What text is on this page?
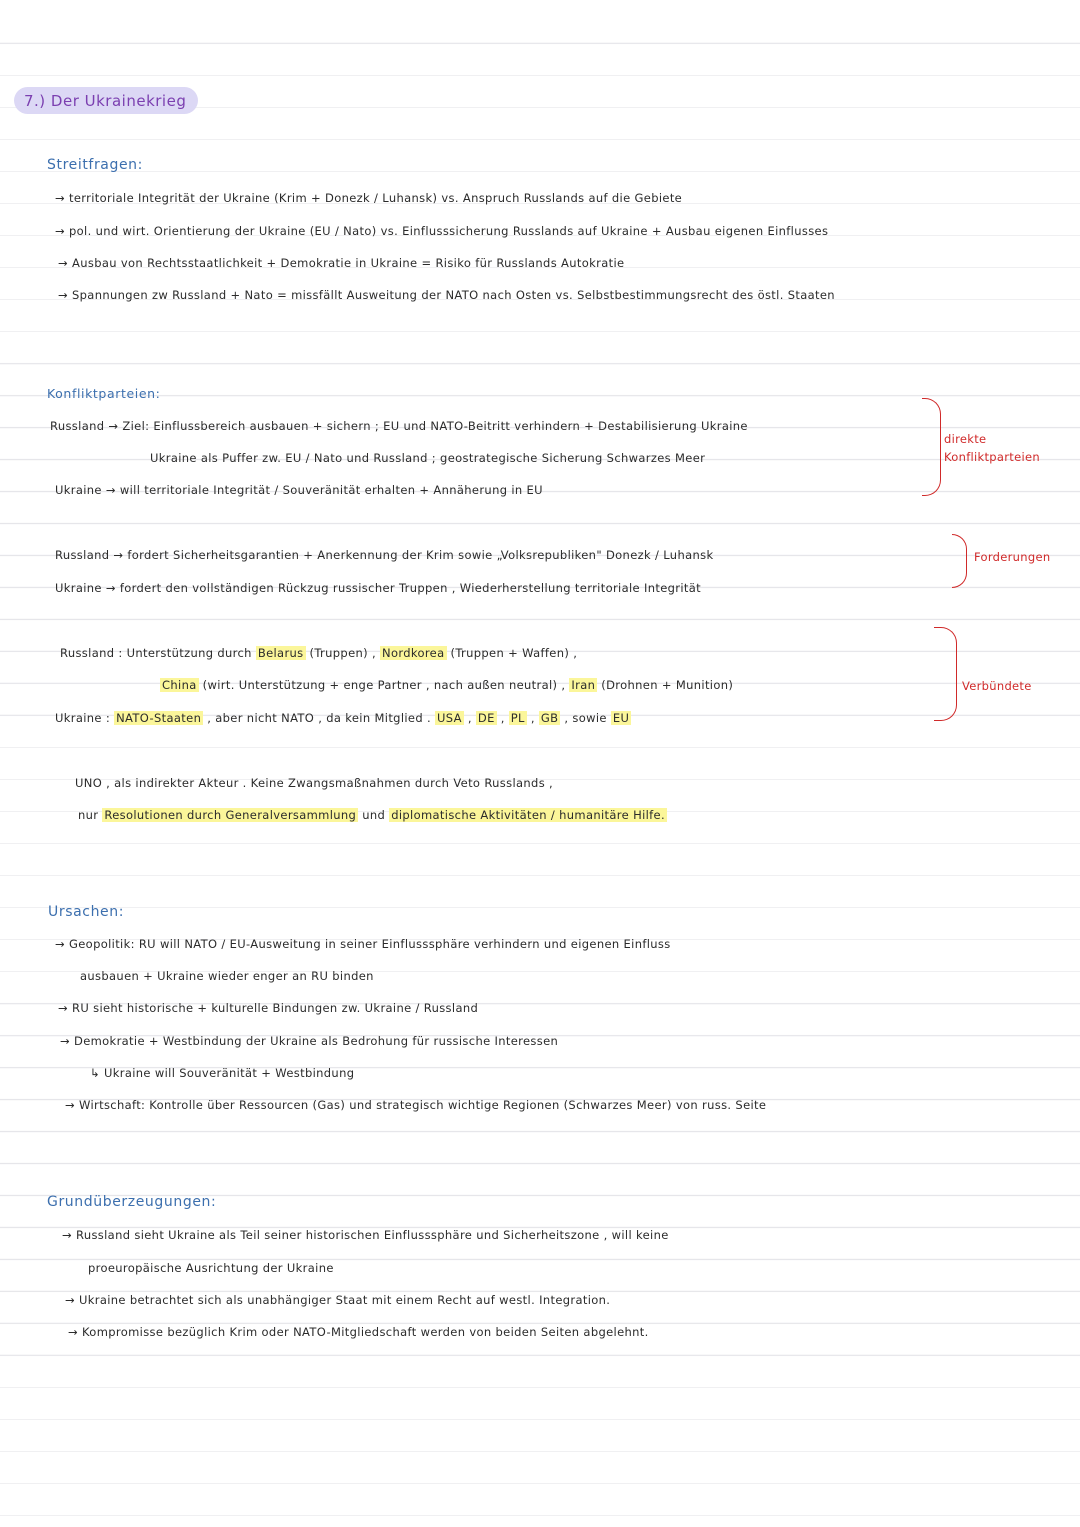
7.) Der Ukrainekrieg
Streitfragen:
→ territoriale Integrität der Ukraine (Krim + Donezk / Luhansk) vs. Anspruch Russlands auf die Gebiete
→ pol. und wirt. Orientierung der Ukraine (EU / Nato) vs. Einflusssicherung Russlands auf Ukraine + Ausbau eigenen Einflusses
→ Ausbau von Rechtsstaatlichkeit + Demokratie in Ukraine = Risiko für Russlands Autokratie
→ Spannungen zw Russland + Nato = missfällt Ausweitung der NATO nach Osten vs. Selbstbestimmungsrecht des östl. Staaten
Konfliktparteien:
Russland → Ziel: Einflussbereich ausbauen + sichern ; EU und NATO-Beitritt verhindern + Destabilisierung Ukraine
Ukraine als Puffer zw. EU / Nato und Russland ; geostrategische Sicherung Schwarzes Meer
Ukraine → will territoriale Integrität / Souveränität erhalten + Annäherung in EU
direkte
Konfliktparteien
Russland → fordert Sicherheitsgarantien + Anerkennung der Krim sowie „Volksrepubliken" Donezk / Luhansk
Ukraine → fordert den vollständigen Rückzug russischer Truppen , Wiederherstellung territoriale Integrität
Forderungen
Russland : Unterstützung durch Belarus (Truppen) , Nordkorea (Truppen + Waffen) ,
China (wirt. Unterstützung + enge Partner , nach außen neutral) , Iran (Drohnen + Munition)
Ukraine : NATO-Staaten , aber nicht NATO , da kein Mitglied . USA , DE , PL , GB , sowie EU
Verbündete
UNO , als indirekter Akteur . Keine Zwangsmaßnahmen durch Veto Russlands ,
nur Resolutionen durch Generalversammlung und diplomatische Aktivitäten / humanitäre Hilfe.
Ursachen:
→ Geopolitik: RU will NATO / EU-Ausweitung in seiner Einflusssphäre verhindern und eigenen Einfluss
ausbauen + Ukraine wieder enger an RU binden
→ RU sieht historische + kulturelle Bindungen zw. Ukraine / Russland
→ Demokratie + Westbindung der Ukraine als Bedrohung für russische Interessen
↳ Ukraine will Souveränität + Westbindung
→ Wirtschaft: Kontrolle über Ressourcen (Gas) und strategisch wichtige Regionen (Schwarzes Meer) von russ. Seite
Grundüberzeugungen:
→ Russland sieht Ukraine als Teil seiner historischen Einflusssphäre und Sicherheitszone , will keine
proeuropäische Ausrichtung der Ukraine
→ Ukraine betrachtet sich als unabhängiger Staat mit einem Recht auf westl. Integration.
→ Kompromisse bezüglich Krim oder NATO-Mitgliedschaft werden von beiden Seiten abgelehnt.
